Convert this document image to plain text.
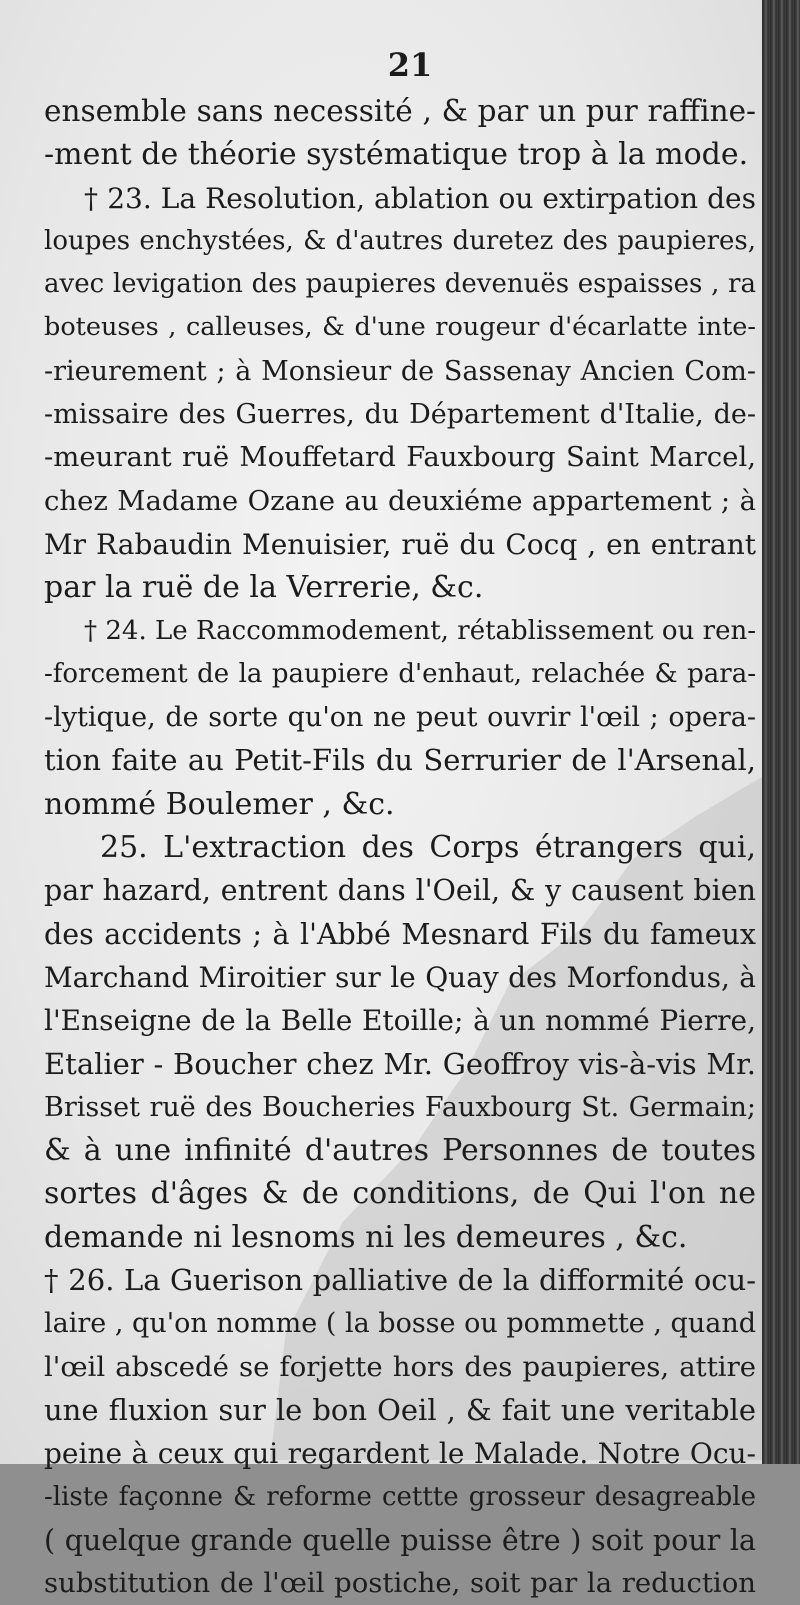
21
ensemble sans necessité , & par un pur raffine-
-ment de théorie systématique trop à la mode.
† 23. La Resolution, ablation ou extirpation des
loupes enchystées, & d'autres duretez des paupieres,
avec levigation des paupieres devenuës espaisses , ra
boteuses , calleuses, & d'une rougeur d'écarlatte inte-
-rieurement ; à Monsieur de Sassenay Ancien Com-
-missaire des Guerres, du Département d'Italie, de-
-meurant ruë Mouffetard Fauxbourg Saint Marcel,
chez Madame Ozane au deuxiéme appartement ; à
Mr Rabaudin Menuisier, ruë du Cocq , en entrant
par la ruë de la Verrerie, &c.
† 24. Le Raccommodement, rétablissement ou ren-
-forcement de la paupiere d'enhaut, relachée & para-
-lytique, de sorte qu'on ne peut ouvrir l'œil ; opera-
tion faite au Petit-Fils du Serrurier de l'Arsenal,
nommé Boulemer , &c.
25. L'extraction des Corps étrangers qui,
par hazard, entrent dans l'Oeil, & y causent bien
des accidents ; à l'Abbé Mesnard Fils du fameux
Marchand Miroitier sur le Quay des Morfondus, à
l'Enseigne de la Belle Etoille; à un nommé Pierre,
Etalier - Boucher chez Mr. Geoffroy vis-à-vis Mr.
Brisset ruë des Boucheries Fauxbourg St. Germain;
& à une infinité d'autres Personnes de toutes
sortes d'âges & de conditions, de Qui l'on ne
demande ni lesnoms ni les demeures , &c.
† 26. La Guerison palliative de la difformité ocu-
laire , qu'on nomme ( la bosse ou pommette , quand
l'œil abscedé se forjette hors des paupieres, attire
une fluxion sur le bon Oeil , & fait une veritable
peine à ceux qui regardent le Malade. Notre Ocu-
-liste façonne & reforme cettte grosseur desagreable
( quelque grande quelle puisse être ) soit pour la
substitution de l'œil postiche, soit par la reduction
